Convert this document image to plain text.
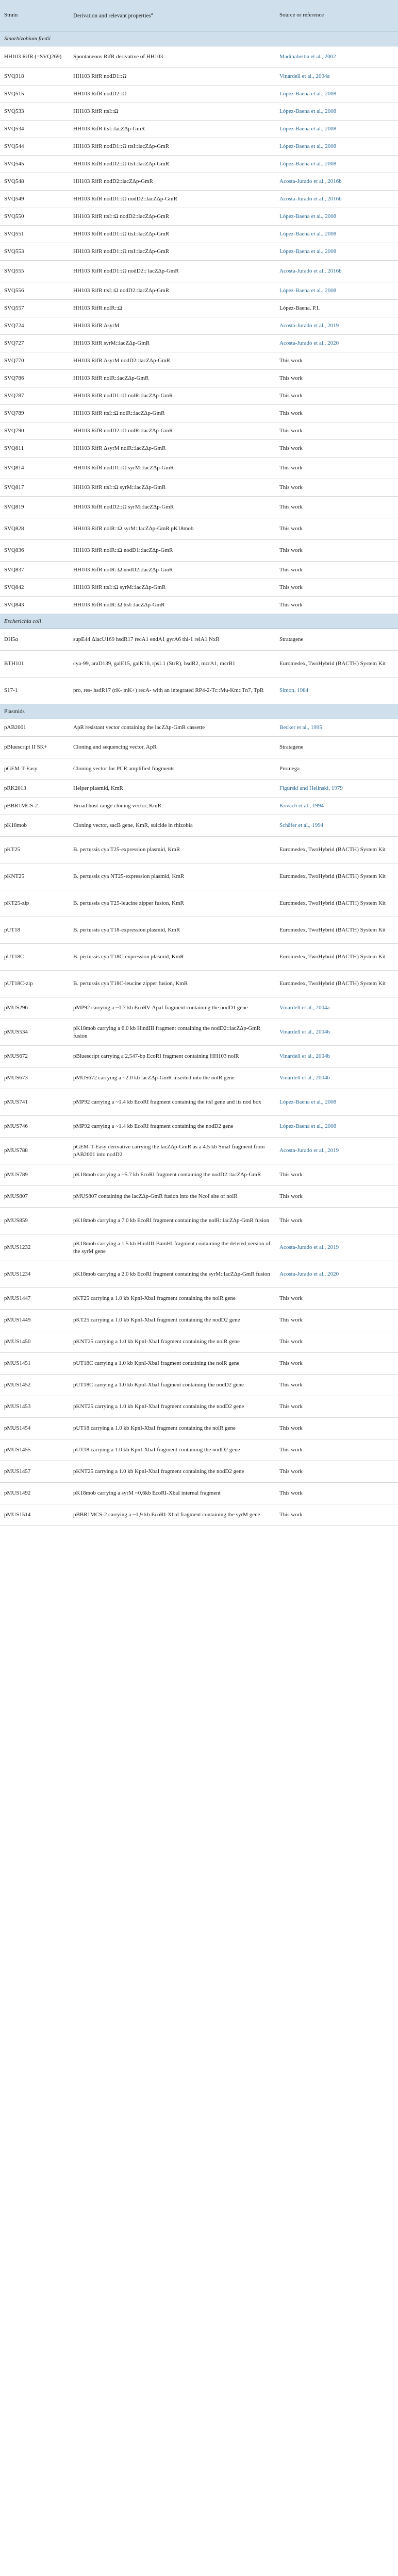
Strain	Derivation and relevant properties$^a$	Source or reference
Sinorhizobium fredii		
HH103 RifR (=SVQ269)	Spontaneous RifR derivative of HH103	Madinabeitia et al., 2002
SVQ318	HH103 RifR nodD1::Ω	Vinardell et al., 2004a
SVQ515	HH103 RifR nodD2::Ω	López-Baena et al., 2008
SVQ533	HH103 RifR ttsI::Ω	López-Baena et al., 2008
SVQ534	HH103 RifR ttsI::lacZΔp-GmR	López-Baena et al., 2008
SVQ544	HH103 RifR nodD1::Ω ttsI::lacZΔp-GmR	López-Baena et al., 2008
SVQ545	HH103 RifR nodD2::Ω ttsI::lacZΔp-GmR	López-Baena et al., 2008
SVQ548	HH103 RifR nodD2::lacZΔp-GmR	Acosta-Jurado et al., 2016b
SVQ549	HH103 RifR nodD1::Ω nodD2::lacZΔp-GmR	Acosta-Jurado et al., 2016b
SVQ550	HH103 RifR ttsI::Ω nodD2::lacZΔp-GmR	López-Baena et al., 2008
SVQ551	HH103 RifR nodD1::Ω ttsI::lacZΔp-GmR	López-Baena et al., 2008
SVQ553	HH103 RifR nodD1::Ω ttsI::lacZΔp-GmR	López-Baena et al., 2008
SVQ555	HH103 RifR nodD1::Ω nodD2:: lacZΔp-GmR	Acosta-Jurado et al., 2016b
SVQ556	HH103 RifR ttsI::Ω nodD2::lacZΔp-GmR	López-Baena et al., 2008
SVQ557	HH103 RifR nolR::Ω	López-Baena, P.I.
SVQ724	HH103 RifR ΔsyrM	Acosta-Jurado et al., 2019
SVQ727	HH103 RifR syrM::lacZΔp-GmR	Acosta-Jurado et al., 2020
SVQ770	HH103 RifR ΔsyrM nodD2::lacZΔp-GmR	This work
SVQ786	HH103 RifR nolR::lacZΔp-GmR	This work
SVQ787	HH103 RifR nodD1::Ω nolR::lacZΔp-GmR	This work
SVQ789	HH103 RifR ttsI::Ω nolR::lacZΔp-GmR	This work
SVQ790	HH103 RifR nodD2::Ω nolR::lacZΔp-GmR	This work
SVQ811	HH103 RifR ΔsyrM nolR::lacZΔp-GmR	This work
SVQ814	HH103 RifR nodD1::Ω syrM::lacZΔp-GmR	This work
SVQ817	HH103 RifR ttsI::Ω syrM::lacZΔp-GmR	This work
SVQ819	HH103 RifR nodD2::Ω syrM::lacZΔp-GmR	This work
SVQ828	HH103 RifR nolR::Ω syrM::lacZΔp-GmR pK18mob	This work
SVQ836	HH103 RifR nolR::Ω nodD1::lacZΔp-GmR	This work
SVQ837	HH103 RifR nolR::Ω nodD2::lacZΔp-GmR	This work
SVQ842	HH103 RifR ttsI::Ω syrM::lacZΔp-GmR	This work
SVQ843	HH103 RifR nolR::Ω ttsI::lacZΔp-GmR	This work
Escherichia coli		
DH5α	supE44 ΔlacU169 hsdR17 recA1 endA1 gyrA6 thi-1 relA1 NxR	Stratagene
BTH101	cya-99, araD139, galE15, galK16, rpsL1 (StrR), hsdR2, mcrA1, mcrB1	Euromedex, TwoHybrid (BACTH) System Kit
S17-1	pro, res- hsdR17 (rK- mK+) recA- with an integrated RP4-2-Tc::Mu-Km::Tn7, TpR	Simon, 1984
Plasmids		
pAB2001	ApR resistant vector containing the lacZΔp-GmR cassette	Becker et al., 1995
pBluescript II SK+	Cloning and sequencing vector, ApR	Stratagene
pGEM-T-Easy	Cloning vector for PCR amplified fragments	Promega
pRK2013	Helper plasmid, KmR	Figurski and Helinski, 1979
pBBR1MCS-2	Broad host-range cloning vector, KmR	Kovach et al., 1994
pK18mob	Cloning vector, sacB gene, KmR, suicide in rhizobia	Schäfer et al., 1994
pKT25	B. pertussis cya T25-expression plasmid, KmR	Euromedex, TwoHybrid (BACTH) System Kit
pKNT25	B. pertussis cya NT25-expression plasmid, KmR	Euromedex, TwoHybrid (BACTH) System Kit
pKT25-zip	B. pertussis cya T25-leucine zipper fusion, KmR	Euromedex, TwoHybrid (BACTH) System Kit
pUT18	B. pertussis cya T18-expression plasmid, KmR	Euromedex, TwoHybrid (BACTH) System Kit
pUT18C	B. pertussis cya T18C-expression plasmid, KmR	Euromedex, TwoHybrid (BACTH) System Kit
pUT18C-zip	B. pertussis cya T18C-leucine zipper fusion, KmR	Euromedex, TwoHybrid (BACTH) System Kit
pMUS296	pMP92 carrying a ~1.7 kb EcoRV-ApaI fragment containing the nodD1 gene	Vinardell et al., 2004a
pMUS534	pK18mob carrying a 6.0 kb HindIII fragment containing the nodD2::lacZΔp-GmR fusion	Vinardell et al., 2004b
pMUS672	pBluescript carrying a 2,547-bp EcoRI fragment containing HH103 nolR	Vinardell et al., 2004b
pMUS673	pMUS672 carrying a ~2.0 kb lacZΔp-GmR inserted into the nolR gene	Vinardell et al., 2004b
pMUS741	pMP92 carrying a ~1.4 kb EcoRI fragment containing the ttsI gene and its nod box	López-Baena et al., 2008
pMUS746	pMP92 carrying a ~1.4 kb EcoRI fragment containing the nodD2 gene	López-Baena et al., 2008
pMUS788	pGEM-T-Easy derivative carrying the lacZΔp-GmR as a 4.5 kb SmaI fragment from pAB2001 into nodD2	Acosta-Jurado et al., 2019
pMUS789	pK18mob carrying a ~5.7 kb EcoRI fragment containing the nodD2::lacZΔp-GmR	This work
pMUS807	pMUS807 containing the lacZΔp-GmR fusion into the NcoI site of nolR	This work
pMUS859	pK18mob carrying a 7.0 kb EcoRI fragment containing the nolR::lacZΔp-GmR fusion	This work
pMUS1232	pK18mob carrying a 1.5 kb HindIII-BamHI fragment containing the deleted version of the syrM gene	Acosta-Jurado et al., 2019
pMUS1234	pK18mob carrying a 2.0 kb EcoRI fragment containing the syrM::lacZΔp-GmR fusion	Acosta-Jurado et al., 2020
pMUS1447	pKT25 carrying a 1.0 kb KpnI-XbaI fragment containing the nolR gene	This work
pMUS1449	pKT25 carrying a 1.0 kb KpnI-XbaI fragment containing the nodD2 gene	This work
pMUS1450	pKNT25 carrying a 1.0 kb KpnI-XbaI fragment containing the nolR gene	This work
pMUS1451	pUT18C carrying a 1.0 kb KpnI-XbaI fragment containing the nolR gene	This work
pMUS1452	pUT18C carrying a 1.0 kb KpnI-XbaI fragment containing the nodD2 gene	This work
pMUS1453	pKNT25 carrying a 1.0 kb KpnI-XbaI fragment containing the nodD2 gene	This work
pMUS1454	pUT18 carrying a 1.0 kb KpnI-XbaI fragment containing the nolR gene	This work
pMUS1455	pUT18 carrying a 1.0 kb KpnI-XbaI fragment containing the nodD2 gene	This work
pMUS1457	pKNT25 carrying a 1.0 kb KpnI-XbaI fragment containing the nodD2 gene	This work
pMUS1492	pK18mob carrying a syrM ~0,6kb EcoRI-XbaI internal fragment	This work
pMUS1514	pBBR1MCS-2 carrying a ~1,9 kb EcoRI-XbaI fragment containing the syrM gene	This work
